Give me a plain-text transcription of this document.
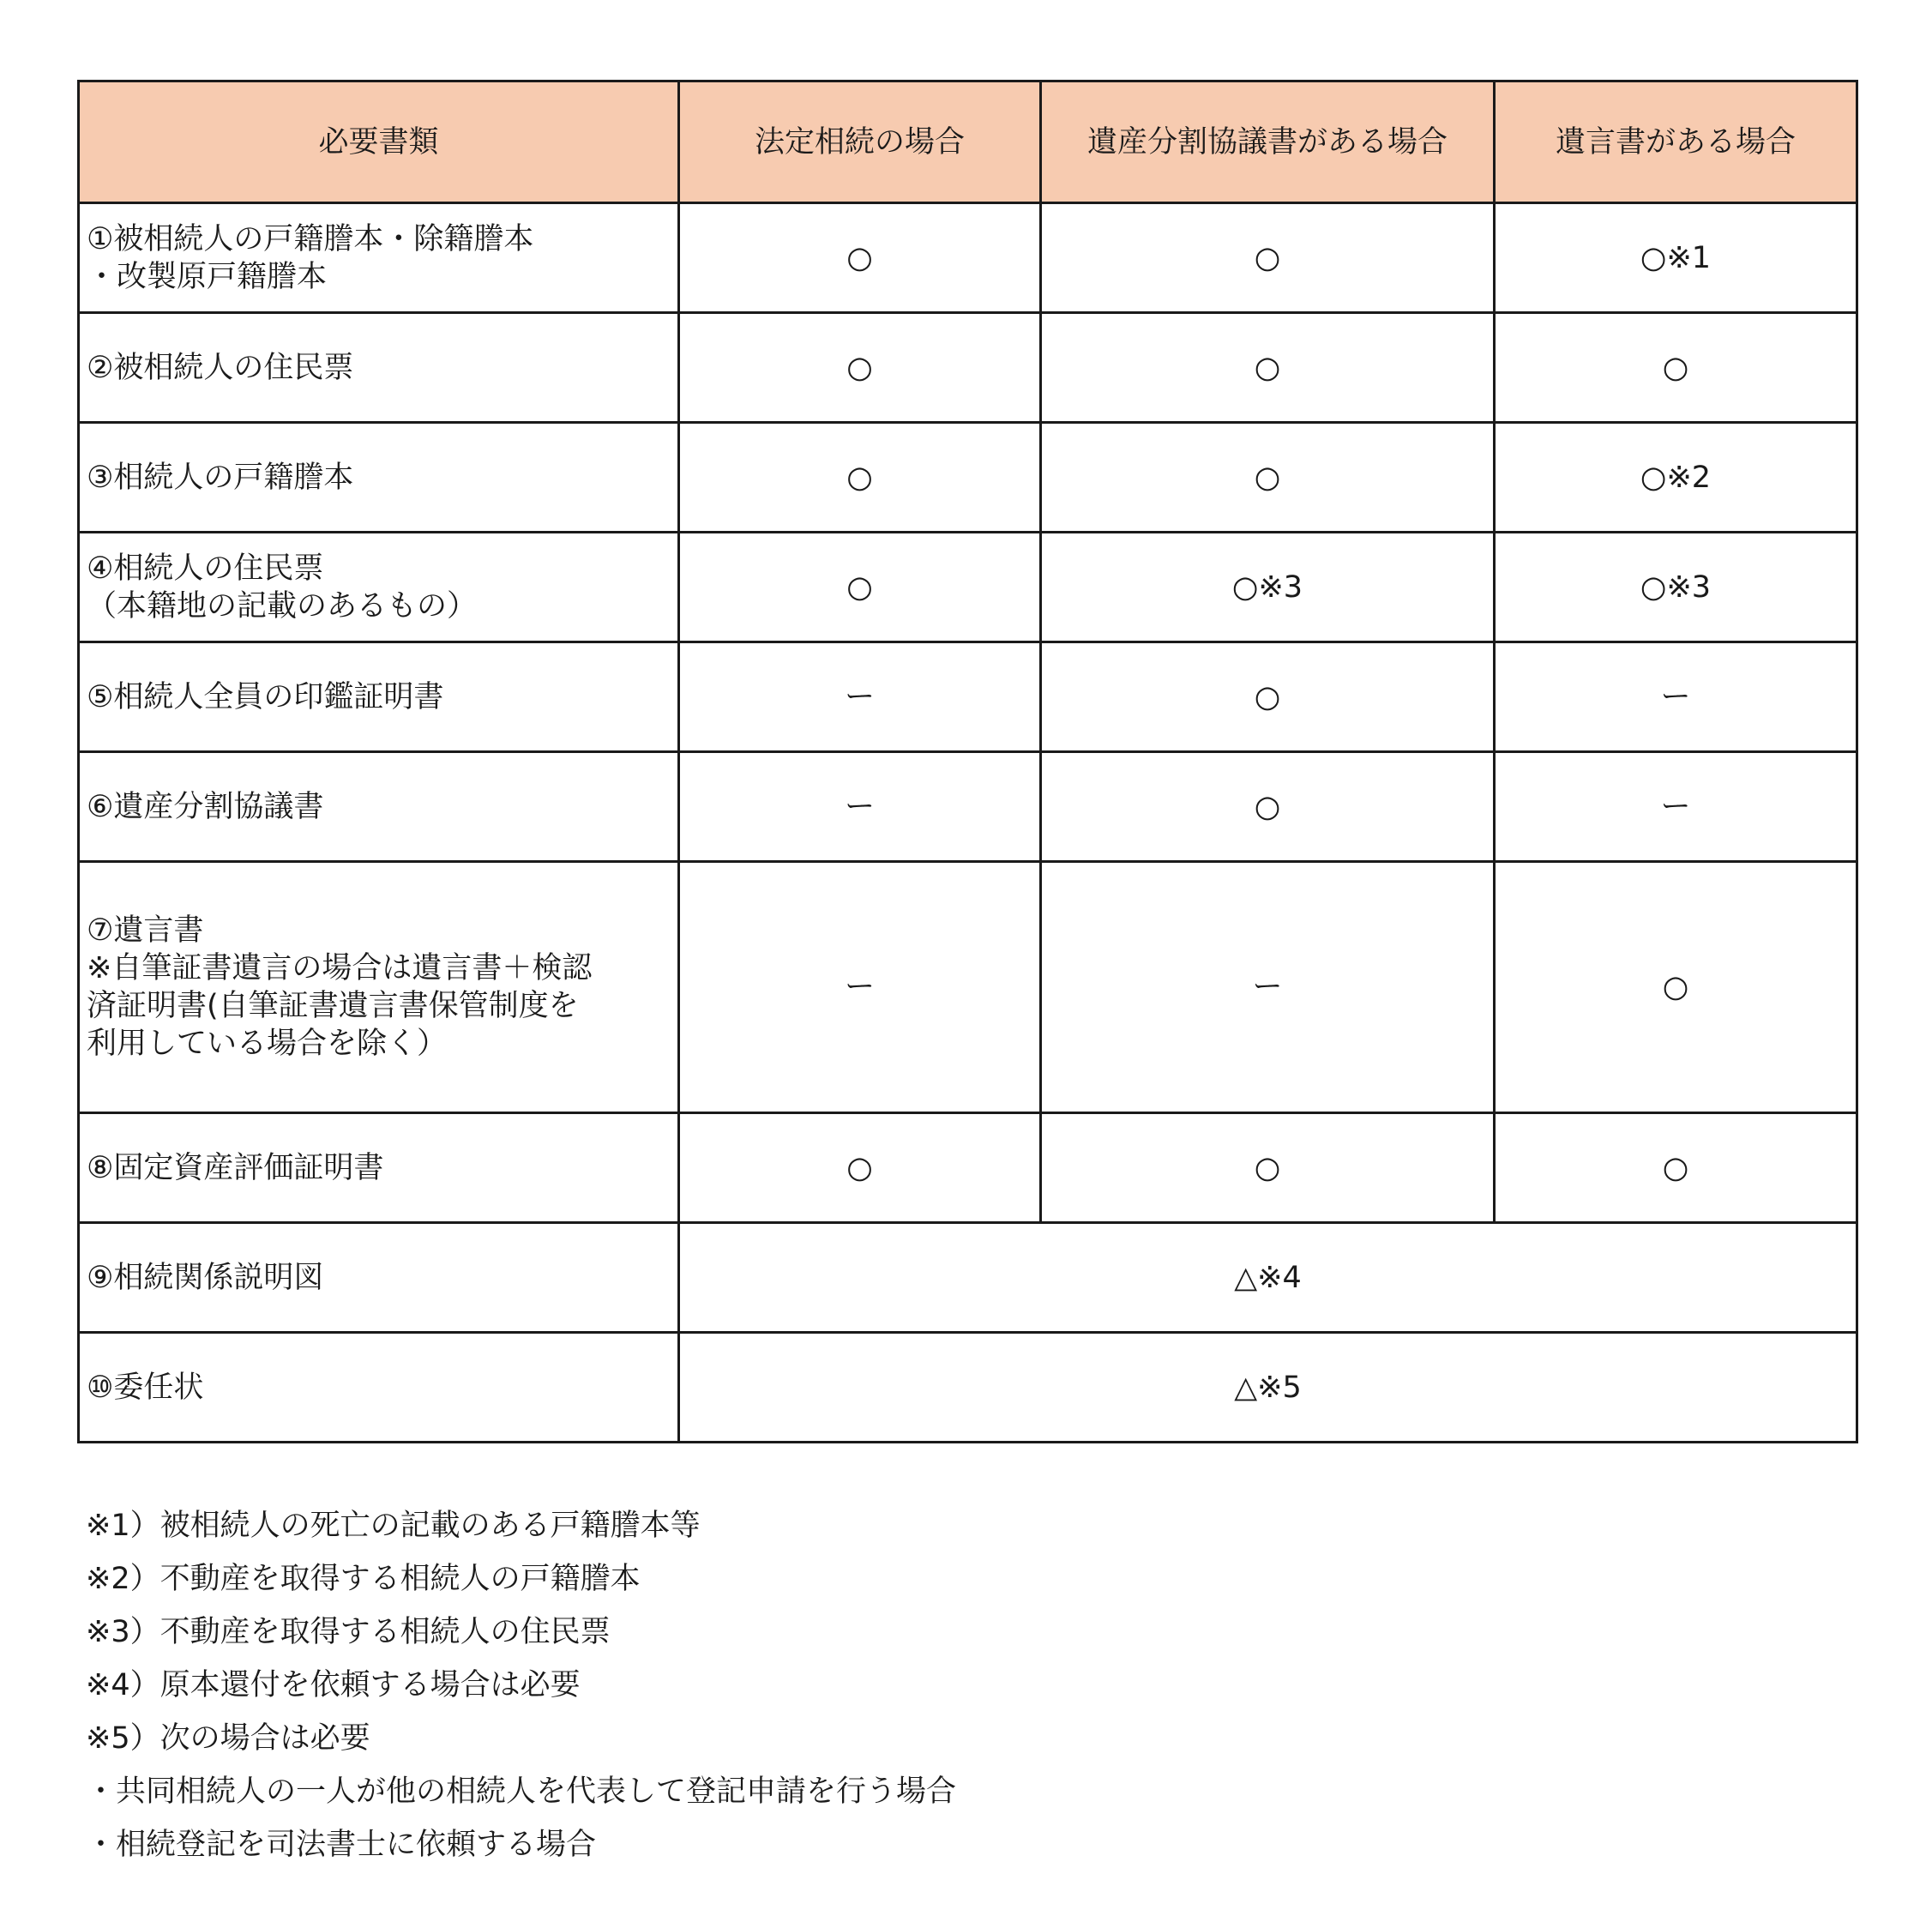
必要書類	法定相続の場合	遺産分割協議書がある場合	遺言書がある場合
①被相続人の戸籍謄本・除籍謄本
・改製原戸籍謄本	○	○	○※1
②被相続人の住民票	○	○	○
③相続人の戸籍謄本	○	○	○※2
④相続人の住民票
（本籍地の記載のあるもの）	○	○※3	○※3
⑤相続人全員の印鑑証明書	ー	○	ー
⑥遺産分割協議書	ー	○	ー
⑦遺言書
※自筆証書遺言の場合は遺言書＋検認
済証明書(自筆証書遺言書保管制度を
利用している場合を除く）	ー	ー	○
⑧固定資産評価証明書	○	○	○
⑨相続関係説明図	△※4		
⑩委任状	△※5		
※1）被相続人の死亡の記載のある戸籍謄本等
※2）不動産を取得する相続人の戸籍謄本
※3）不動産を取得する相続人の住民票
※4）原本還付を依頼する場合は必要
※5）次の場合は必要
・共同相続人の一人が他の相続人を代表して登記申請を行う場合
・相続登記を司法書士に依頼する場合
